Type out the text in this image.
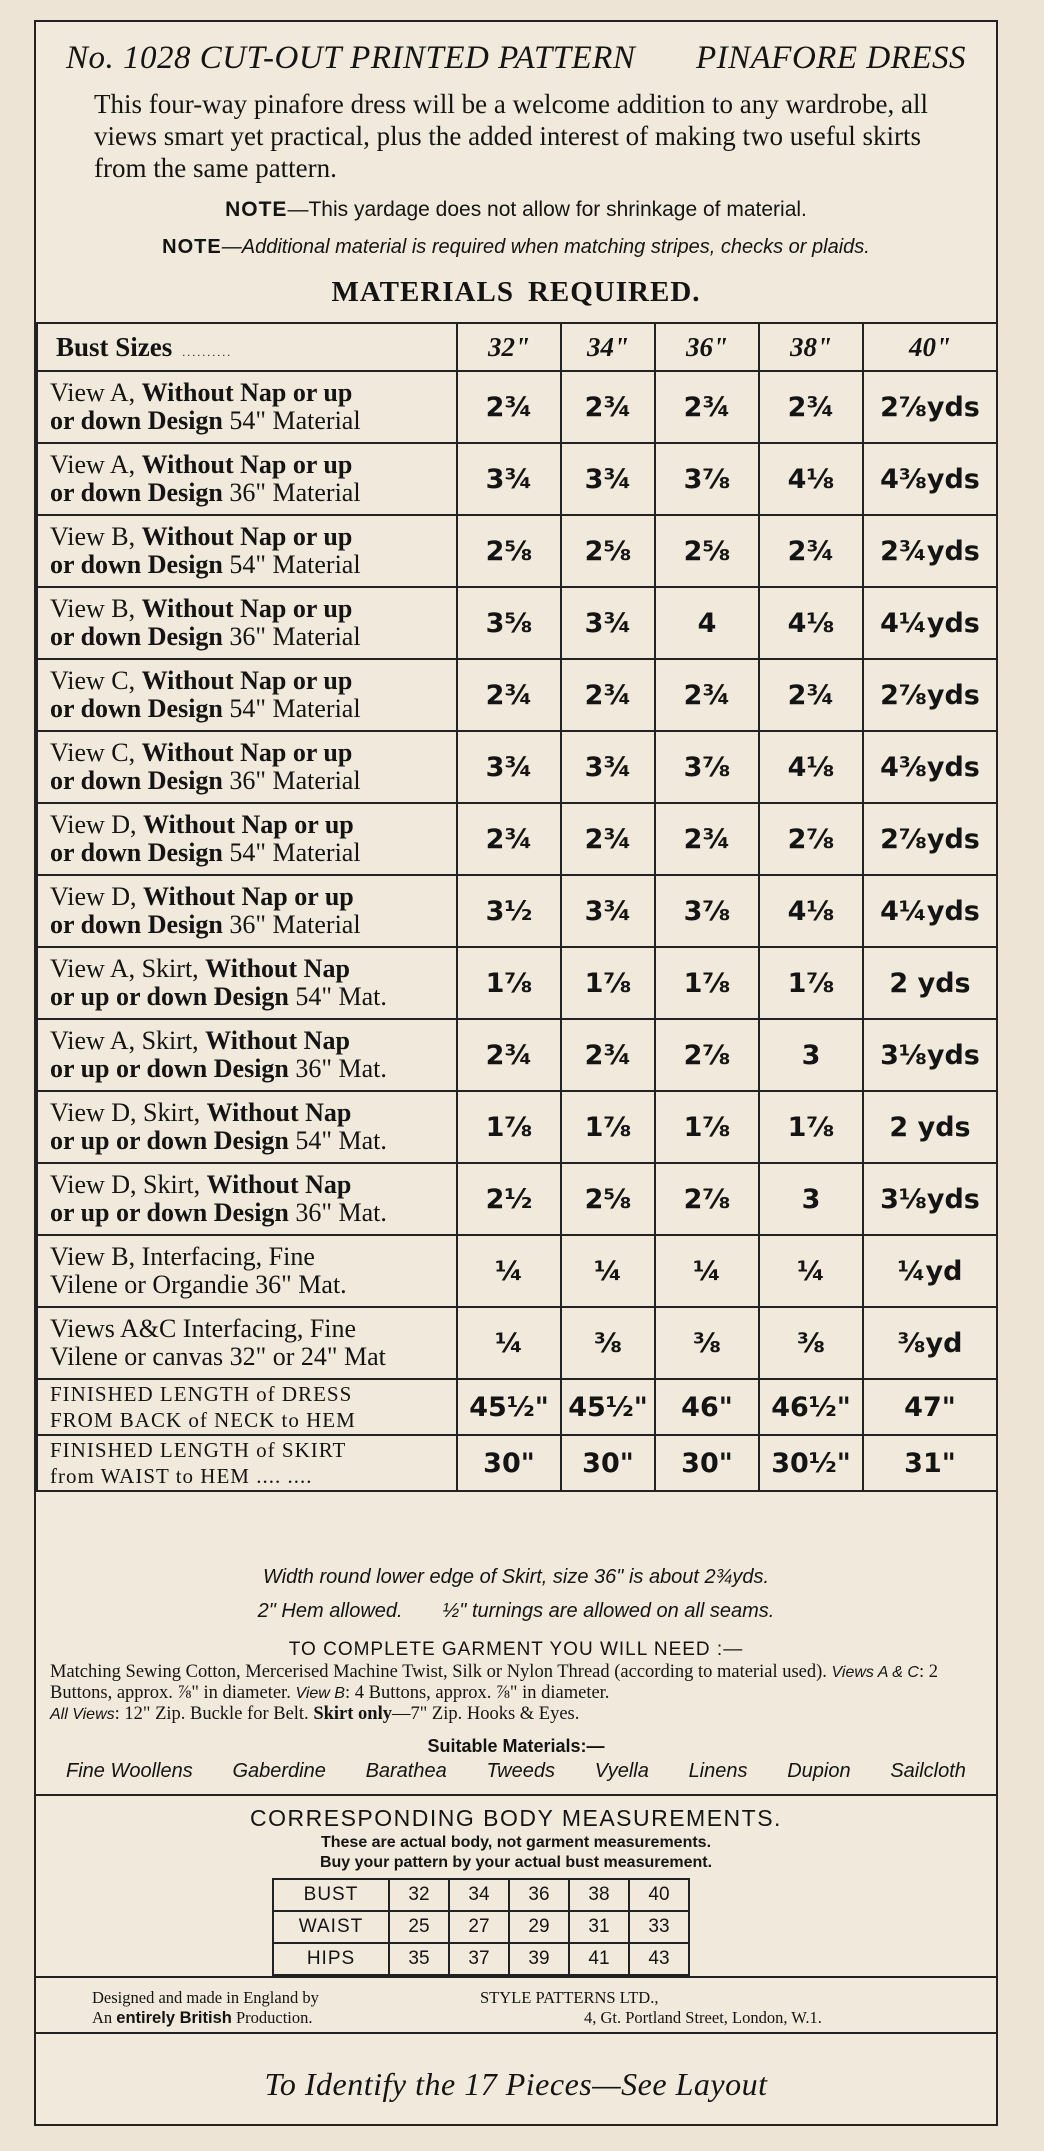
No. 1028 CUT-OUT PRINTED PATTERN PINAFORE DRESS
This four-way pinafore dress will be a welcome addition to any wardrobe, all views smart yet practical, plus the added interest of making two useful skirts from the same pattern.
NOTE—This yardage does not allow for shrinkage of material.
NOTE—Additional material is required when matching stripes, checks or plaids.
MATERIALS REQUIRED.
Bust Sizes ..........	32"	34"	36"	38"	40"

View A, Without Nap or up
or down Design 54" Material	2¾	2¾	2¾	2¾	2⅞yds

View A, Without Nap or up
or down Design 36" Material	3¾	3¾	3⅞	4⅛	4⅜yds

View B, Without Nap or up
or down Design 54" Material	2⅝	2⅝	2⅝	2¾	2¾yds

View B, Without Nap or up
or down Design 36" Material	3⅝	3¾	4	4⅛	4¼yds

View C, Without Nap or up
or down Design 54" Material	2¾	2¾	2¾	2¾	2⅞yds

View C, Without Nap or up
or down Design 36" Material	3¾	3¾	3⅞	4⅛	4⅜yds

View D, Without Nap or up
or down Design 54" Material	2¾	2¾	2¾	2⅞	2⅞yds

View D, Without Nap or up
or down Design 36" Material	3½	3¾	3⅞	4⅛	4¼yds

View A, Skirt, Without Nap
or up or down Design 54" Mat.	1⅞	1⅞	1⅞	1⅞	2 yds

View A, Skirt, Without Nap
or up or down Design 36" Mat.	2¾	2¾	2⅞	3	3⅛yds

View D, Skirt, Without Nap
or up or down Design 54" Mat.	1⅞	1⅞	1⅞	1⅞	2 yds

View D, Skirt, Without Nap
or up or down Design 36" Mat.	2½	2⅝	2⅞	3	3⅛yds

View B, Interfacing, Fine
Vilene or Organdie 36" Mat.	¼	¼	¼	¼	¼yd

Views A&C Interfacing, Fine
Vilene or canvas 32" or 24" Mat	¼	⅜	⅜	⅜	⅜yd

FINISHED LENGTH of DRESS
FROM BACK of NECK to HEM	45½"	45½"	46"	46½"	47"

FINISHED LENGTH of SKIRT
from WAIST to HEM .... ....	30"	30"	30"	30½"	31"
Width round lower edge of Skirt, size 36" is about 2¾yds.
2" Hem allowed. ½" turnings are allowed on all seams.
TO COMPLETE GARMENT YOU WILL NEED :—
Matching Sewing Cotton, Mercerised Machine Twist, Silk or Nylon Thread (according to material used). Views A & C: 2 Buttons, approx. ⅞" in diameter. View B: 4 Buttons, approx. ⅞" in diameter.
All Views: 12" Zip. Buckle for Belt. Skirt only—7" Zip. Hooks & Eyes.
Suitable Materials:—
Fine Woollens Gaberdine Barathea Tweeds Vyella Linens Dupion Sailcloth
CORRESPONDING BODY MEASUREMENTS.
These are actual body, not garment measurements.
Buy your pattern by your actual bust measurement.
BUST	32	34	36	38	40
WAIST	25	27	29	31	33
HIPS	35	37	39	41	43
Designed and made in England by
An entirely British Production.
STYLE PATTERNS LTD.,
4, Gt. Portland Street, London, W.1.
To Identify the 17 Pieces—See Layout
